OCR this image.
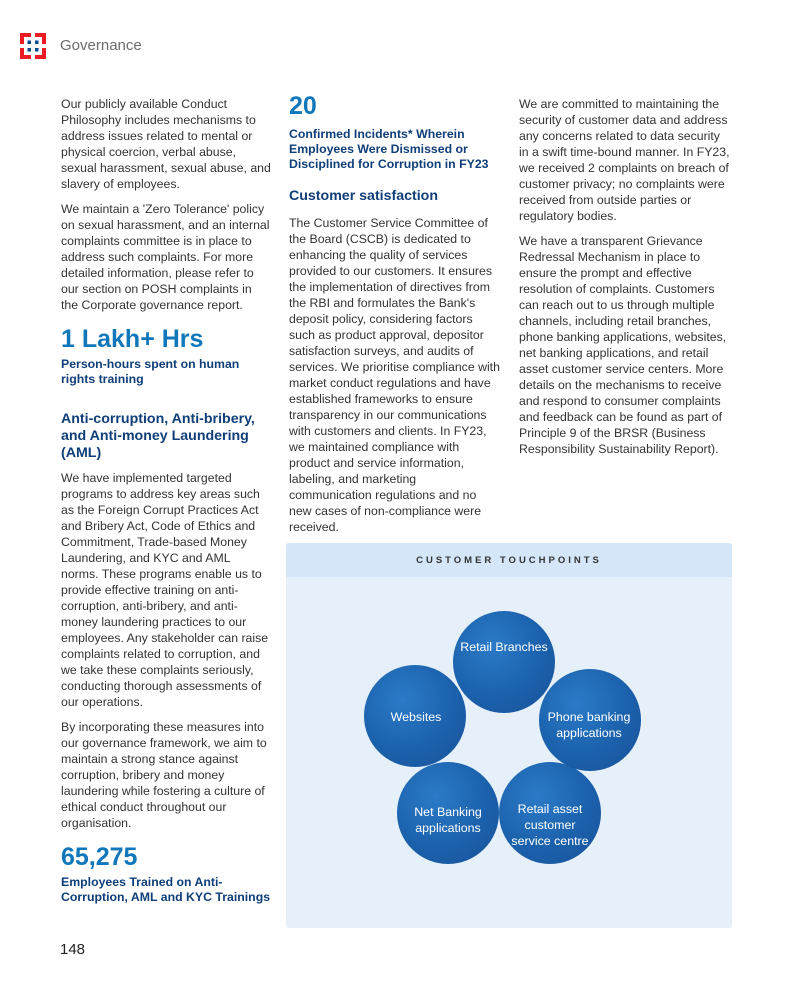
Governance

Our publicly available Conduct Philosophy includes mechanisms to address issues related to mental or physical coercion, verbal abuse, sexual harassment, sexual abuse, and slavery of employees.

We maintain a 'Zero Tolerance' policy on sexual harassment, and an internal complaints committee is in place to address such complaints. For more detailed information, please refer to our section on POSH complaints in the Corporate governance report.

1 Lakh+ Hrs
Person-hours spent on human rights training
Anti-corruption, Anti-bribery, and Anti-money Laundering (AML)

We have implemented targeted programs to address key areas such as the Foreign Corrupt Practices Act and Bribery Act, Code of Ethics and Commitment, Trade-based Money Laundering, and KYC and AML norms. These programs enable us to provide effective training on anti-corruption, anti-bribery, and anti-money laundering practices to our employees. Any stakeholder can raise complaints related to corruption, and we take these complaints seriously, conducting thorough assessments of our operations.

By incorporating these measures into our governance framework, we aim to maintain a strong stance against corruption, bribery and money laundering while fostering a culture of ethical conduct throughout our organisation.

65,275
Employees Trained on Anti-Corruption, AML and KYC Trainings
20
Confirmed Incidents* Wherein Employees Were Dismissed or Disciplined for Corruption in FY23
Customer satisfaction

The Customer Service Committee of the Board (CSCB) is dedicated to enhancing the quality of services provided to our customers. It ensures the implementation of directives from the RBI and formulates the Bank's deposit policy, considering factors such as product approval, depositor satisfaction surveys, and audits of services. We prioritise compliance with market conduct regulations and have established frameworks to ensure transparency in our communications with customers and clients. In FY23, we maintained compliance with product and service information, labeling, and marketing communication regulations and no new cases of non-compliance were received.

We are committed to maintaining the security of customer data and address any concerns related to data security in a swift time-bound manner. In FY23, we received 2 complaints on breach of customer privacy; no complaints were received from outside parties or regulatory bodies.

We have a transparent Grievance Redressal Mechanism in place to ensure the prompt and effective resolution of complaints. Customers can reach out to us through multiple channels, including retail branches, phone banking applications, websites, net banking applications, and retail asset customer service centers. More details on the mechanisms to receive and respond to consumer complaints and feedback can be found as part of Principle 9 of the BRSR (Business Responsibility Sustainability Report).

CUSTOMER TOUCHPOINTS
Retail Branches
Phone banking applications
Retail asset customer service centre
Net Banking applications
Websites
148
